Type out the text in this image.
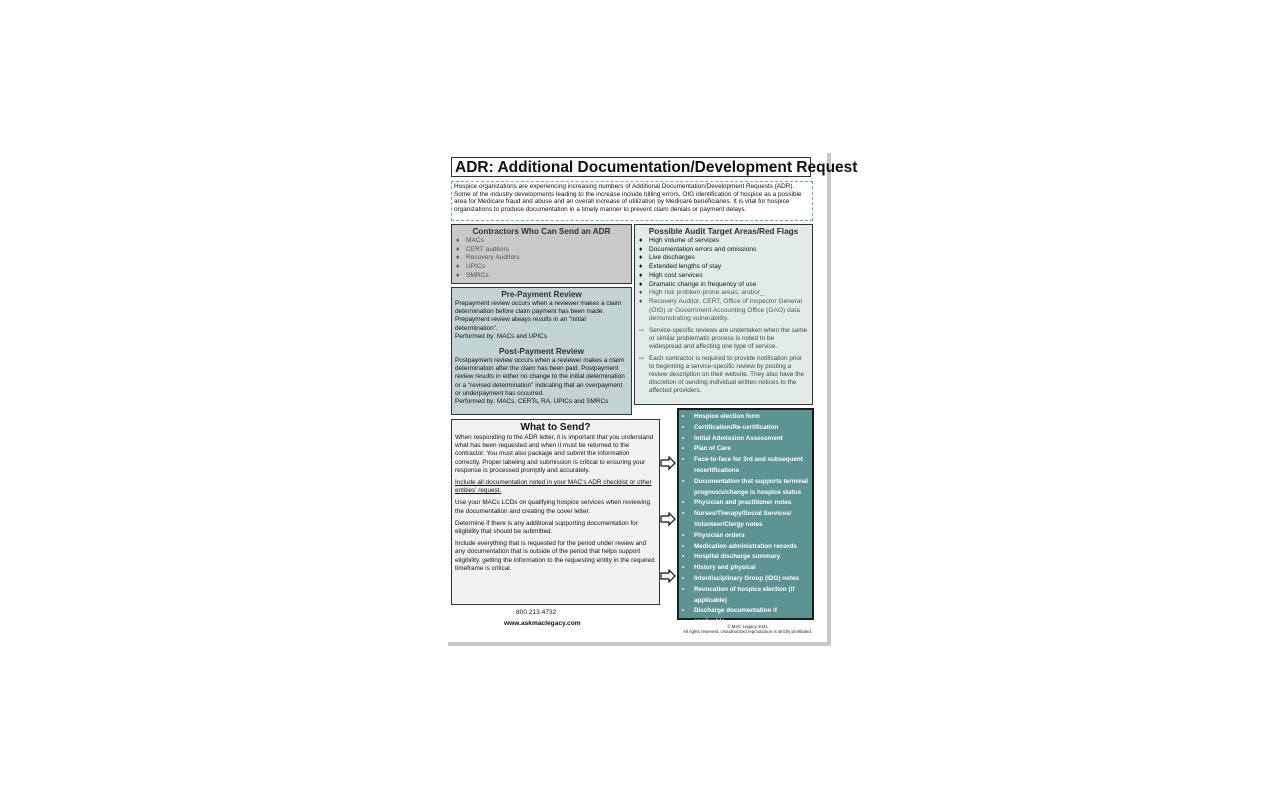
ADR: Additional Documentation/Development Request
Hospice organizations are experiencing increasing numbers of Additional Documentation/Development Requests (ADR). Some of the industry developments leading to the increase include billing errors, OIG identification of hospice as a possible area for Medicare fraud and abuse and an overall increase of utilization by Medicare beneficiaries. It is vital for hospice organizations to produce documentation in a timely manner to prevent claim denials or payment delays.
Contractors Who Can Send an ADR
♦ MACs
♦ CERT auditors
♦ Recovery Auditors
♦ UPICs
♦ SMRCs
Pre-Payment Review

Prepayment review occurs when a reviewer makes a claim determination before claim payment has been made. Prepayment review always results in an "initial determination".

Performed by: MACs and UPICs

Post-Payment Review

Postpayment review occurs when a reviewer makes a claim determination after the claim has been paid. Postpayment review results in either no change to the initial determination or a "revised determination" indicating that an overpayment or underpayment has occurred.

Performed by: MACs, CERTs, RA, UPICs and SMRCs

Possible Audit Target Areas/Red Flags
♦ High volume of services
♦ Documentation errors and omissions
♦ Live discharges
♦ Extended lengths of stay
♦ High cost services
♦ Dramatic change in frequency of use
♦ High risk problem-prone areas; and/or_
♦ Recovery Auditor, CERT, Office of Inspector General (OIG) or Government Accounting Office (GAO) data demonstrating vulnerability.
⇨ Service-specific reviews are undertaken when the same or similar problematic process is noted to be widespread and affecting one type of service.
⇨ Each contractor is required to provide notification prior to beginning a service-specific review by posting a review description on their website. They also have the discretion of sending individual written notices to the affected providers.
What to Send?

When responding to the ADR letter, it is important that you understand what has been requested and when it must be returned to the contractor. You must also package and submit the information correctly. Proper labeling and submission is critical to ensuring your response is processed promptly and accurately.

Include all documentation noted in your MAC's ADR checklist or other entities' request.

Use your MACs LCDs on qualifying hospice services when reviewing the documentation and creating the cover letter.

Determine if there is any additional supporting documentation for eligibility that should be submitted.

Include everything that is requested for the period under review and any documentation that is outside of the period that helps support eligibility. getting the information to the requesting entity in the required timeframe is critical.

• Hospice election form
• Certification/Re-certification
• Initial Admission Assessment
• Plan of Care
• Face-to-face for 3rd and subsequent recertifications
• Documentation that supports terminal prognosis/change is hospice status
• Physician and practitioner notes
• Nurses/Therapy/Social Services/ Volunteer/Clergy notes
• Physician orders
• Medication administration records
• Hospital discharge summary
• History and physical
• Interdisciplinary Group (IDG) notes
• Revocation of hospice election (if applicable)
• Discharge documentation if applicable
800.213.4732
www.askmaclegacy.com	© MAC Legacy 2021
All rights reserved. Unauthorized reproduction is strictly prohibited.
